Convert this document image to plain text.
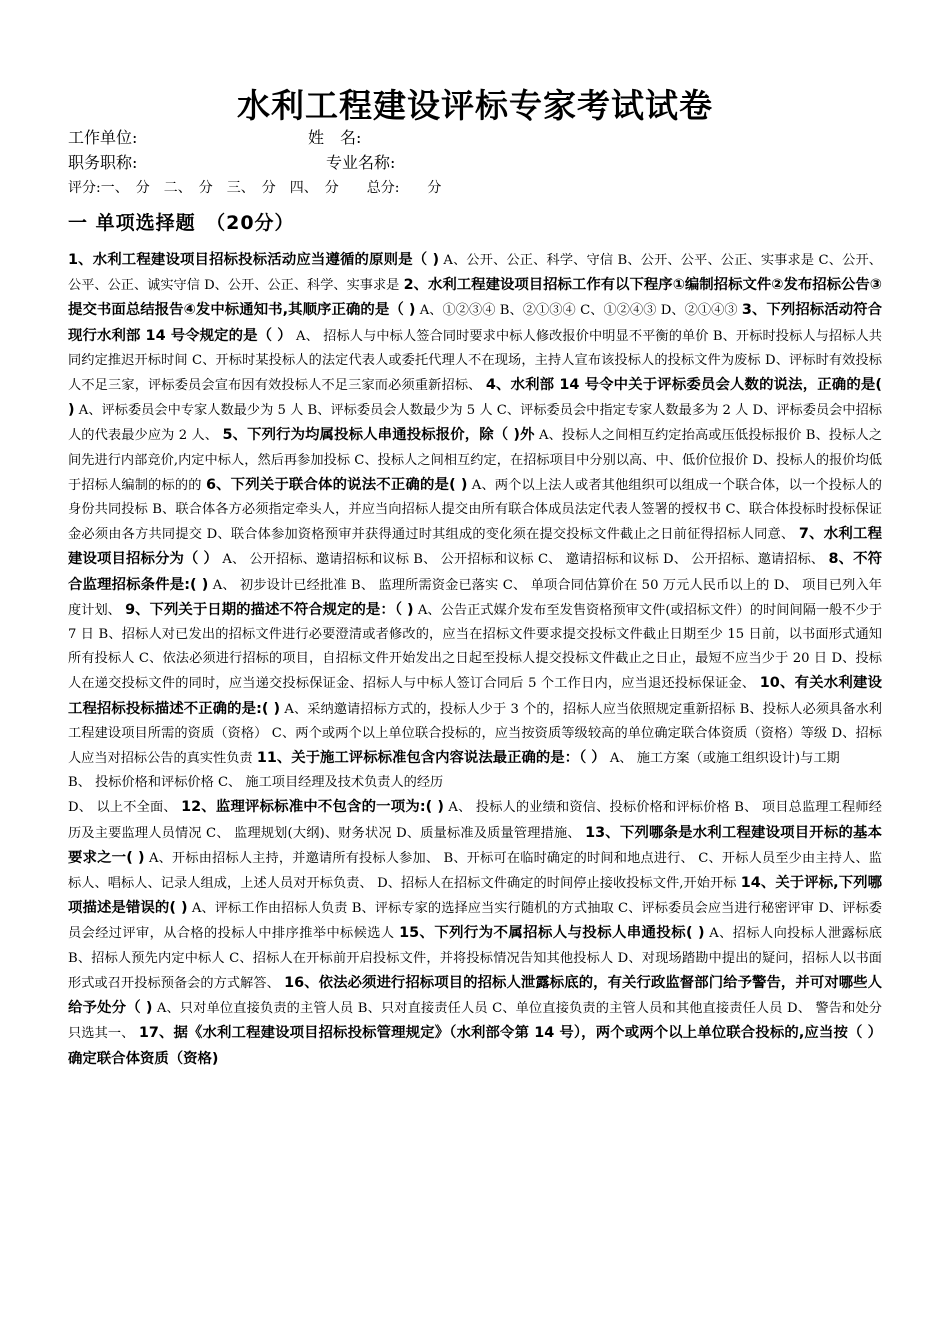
水利工程建设评标专家考试试卷
工作单位:	姓　名:
职务职称:	专业名称:
评分:一、　分　二、　分　三、　分　四、　分　　总分:　　分
一 单项选择题　（20分）
1、水利工程建设项目招标投标活动应当遵循的原则是（ ) A、公开、公正、科学、守信 B、公开、公平、公正、实事求是 C、公开、公平、公正、诚实守信 D、公开、公正、科学、实事求是 2、水利工程建设项目招标工作有以下程序①编制招标文件②发布招标公告③提交书面总结报告④发中标通知书,其顺序正确的是（ ) A、①②③④ B、②①③④ C、①②④③ D、②①④③ 3、下列招标活动符合现行水利部 14 号令规定的是（ ） A、 招标人与中标人签合同时要求中标人修改报价中明显不平衡的单价 B、开标时投标人与招标人共同约定推迟开标时间 C、开标时某投标人的法定代表人或委托代理人不在现场，主持人宣布该投标人的投标文件为废标 D、评标时有效投标人不足三家，评标委员会宣布因有效投标人不足三家而必须重新招标、 4、水利部 14 号令中关于评标委员会人数的说法，正确的是( ) A、评标委员会中专家人数最少为 5 人 B、评标委员会人数最少为 5 人 C、评标委员会中指定专家人数最多为 2 人 D、评标委员会中招标人的代表最少应为 2 人、 5、下列行为均属投标人串通投标报价，除（ )外 A、投标人之间相互约定抬高或压低投标报价 B、投标人之间先进行内部竞价,内定中标人，然后再参加投标 C、投标人之间相互约定，在招标项目中分别以高、中、低价位报价 D、投标人的报价均低于招标人编制的标的的 6、下列关于联合体的说法不正确的是( ) A、两个以上法人或者其他组织可以组成一个联合体，以一个投标人的身份共同投标 B、联合体各方必须指定牵头人，并应当向招标人提交由所有联合体成员法定代表人签署的授权书 C、联合体投标时投标保证金必须由各方共同提交 D、联合体参加资格预审并获得通过时其组成的变化须在提交投标文件截止之日前征得招标人同意、 7、水利工程建设项目招标分为（ ） A、 公开招标、邀请招标和议标 B、 公开招标和议标 C、 邀请招标和议标 D、 公开招标、邀请招标、 8、不符合监理招标条件是:( ) A、 初步设计已经批准 B、 监理所需资金已落实 C、 单项合同估算价在 50 万元人民币以上的 D、 项目已列入年度计划、 9、下列关于日期的描述不符合规定的是：（ ) A、公告正式媒介发布至发售资格预审文件(或招标文件）的时间间隔一般不少于 7 日 B、招标人对已发出的招标文件进行必要澄清或者修改的，应当在招标文件要求提交投标文件截止日期至少 15 日前，以书面形式通知所有投标人 C、依法必须进行招标的项目，自招标文件开始发出之日起至投标人提交投标文件截止之日止，最短不应当少于 20 日 D、投标人在递交投标文件的同时，应当递交投标保证金、招标人与中标人签订合同后 5 个工作日内，应当退还投标保证金、 10、有关水利建设工程招标投标描述不正确的是:( ) A、采纳邀请招标方式的，投标人少于 3 个的，招标人应当依照规定重新招标 B、投标人必须具备水利工程建设项目所需的资质（资格） C、两个或两个以上单位联合投标的，应当按资质等级较高的单位确定联合体资质（资格）等级 D、招标人应当对招标公告的真实性负责 11、关于施工评标标准包含内容说法最正确的是：（ ） A、 施工方案（或施工组织设计)与工期
B、 投标价格和评标价格 C、 施工项目经理及技术负责人的经历
D、 以上不全面、 12、监理评标标准中不包含的一项为:( ) A、 投标人的业绩和资信、投标价格和评标价格 B、 项目总监理工程师经历及主要监理人员情况 C、 监理规划(大纲)、财务状况 D、质量标准及质量管理措施、 13、下列哪条是水利工程建设项目开标的基本要求之一( ) A、开标由招标人主持，并邀请所有投标人参加、 B、开标可在临时确定的时间和地点进行、 C、开标人员至少由主持人、监标人、唱标人、记录人组成，上述人员对开标负责、 D、招标人在招标文件确定的时间停止接收投标文件,开始开标 14、关于评标,下列哪项描述是错误的( ) A、评标工作由招标人负责 B、评标专家的选择应当实行随机的方式抽取 C、评标委员会应当进行秘密评审 D、评标委员会经过评审，从合格的投标人中排序推举中标候选人 15、下列行为不属招标人与投标人串通投标( ) A、招标人向投标人泄露标底 B、招标人预先内定中标人 C、招标人在开标前开启投标文件，并将投标情况告知其他投标人 D、对现场踏勘中提出的疑问，招标人以书面形式或召开投标预备会的方式解答、 16、依法必须进行招标项目的招标人泄露标底的，有关行政监督部门给予警告，并可对哪些人给予处分（ ) A、只对单位直接负责的主管人员 B、只对直接责任人员 C、单位直接负责的主管人员和其他直接责任人员 D、 警告和处分只选其一、 17、据《水利工程建设项目招标投标管理规定》（水利部令第 14 号），两个或两个以上单位联合投标的,应当按（ ）确定联合体资质（资格)
